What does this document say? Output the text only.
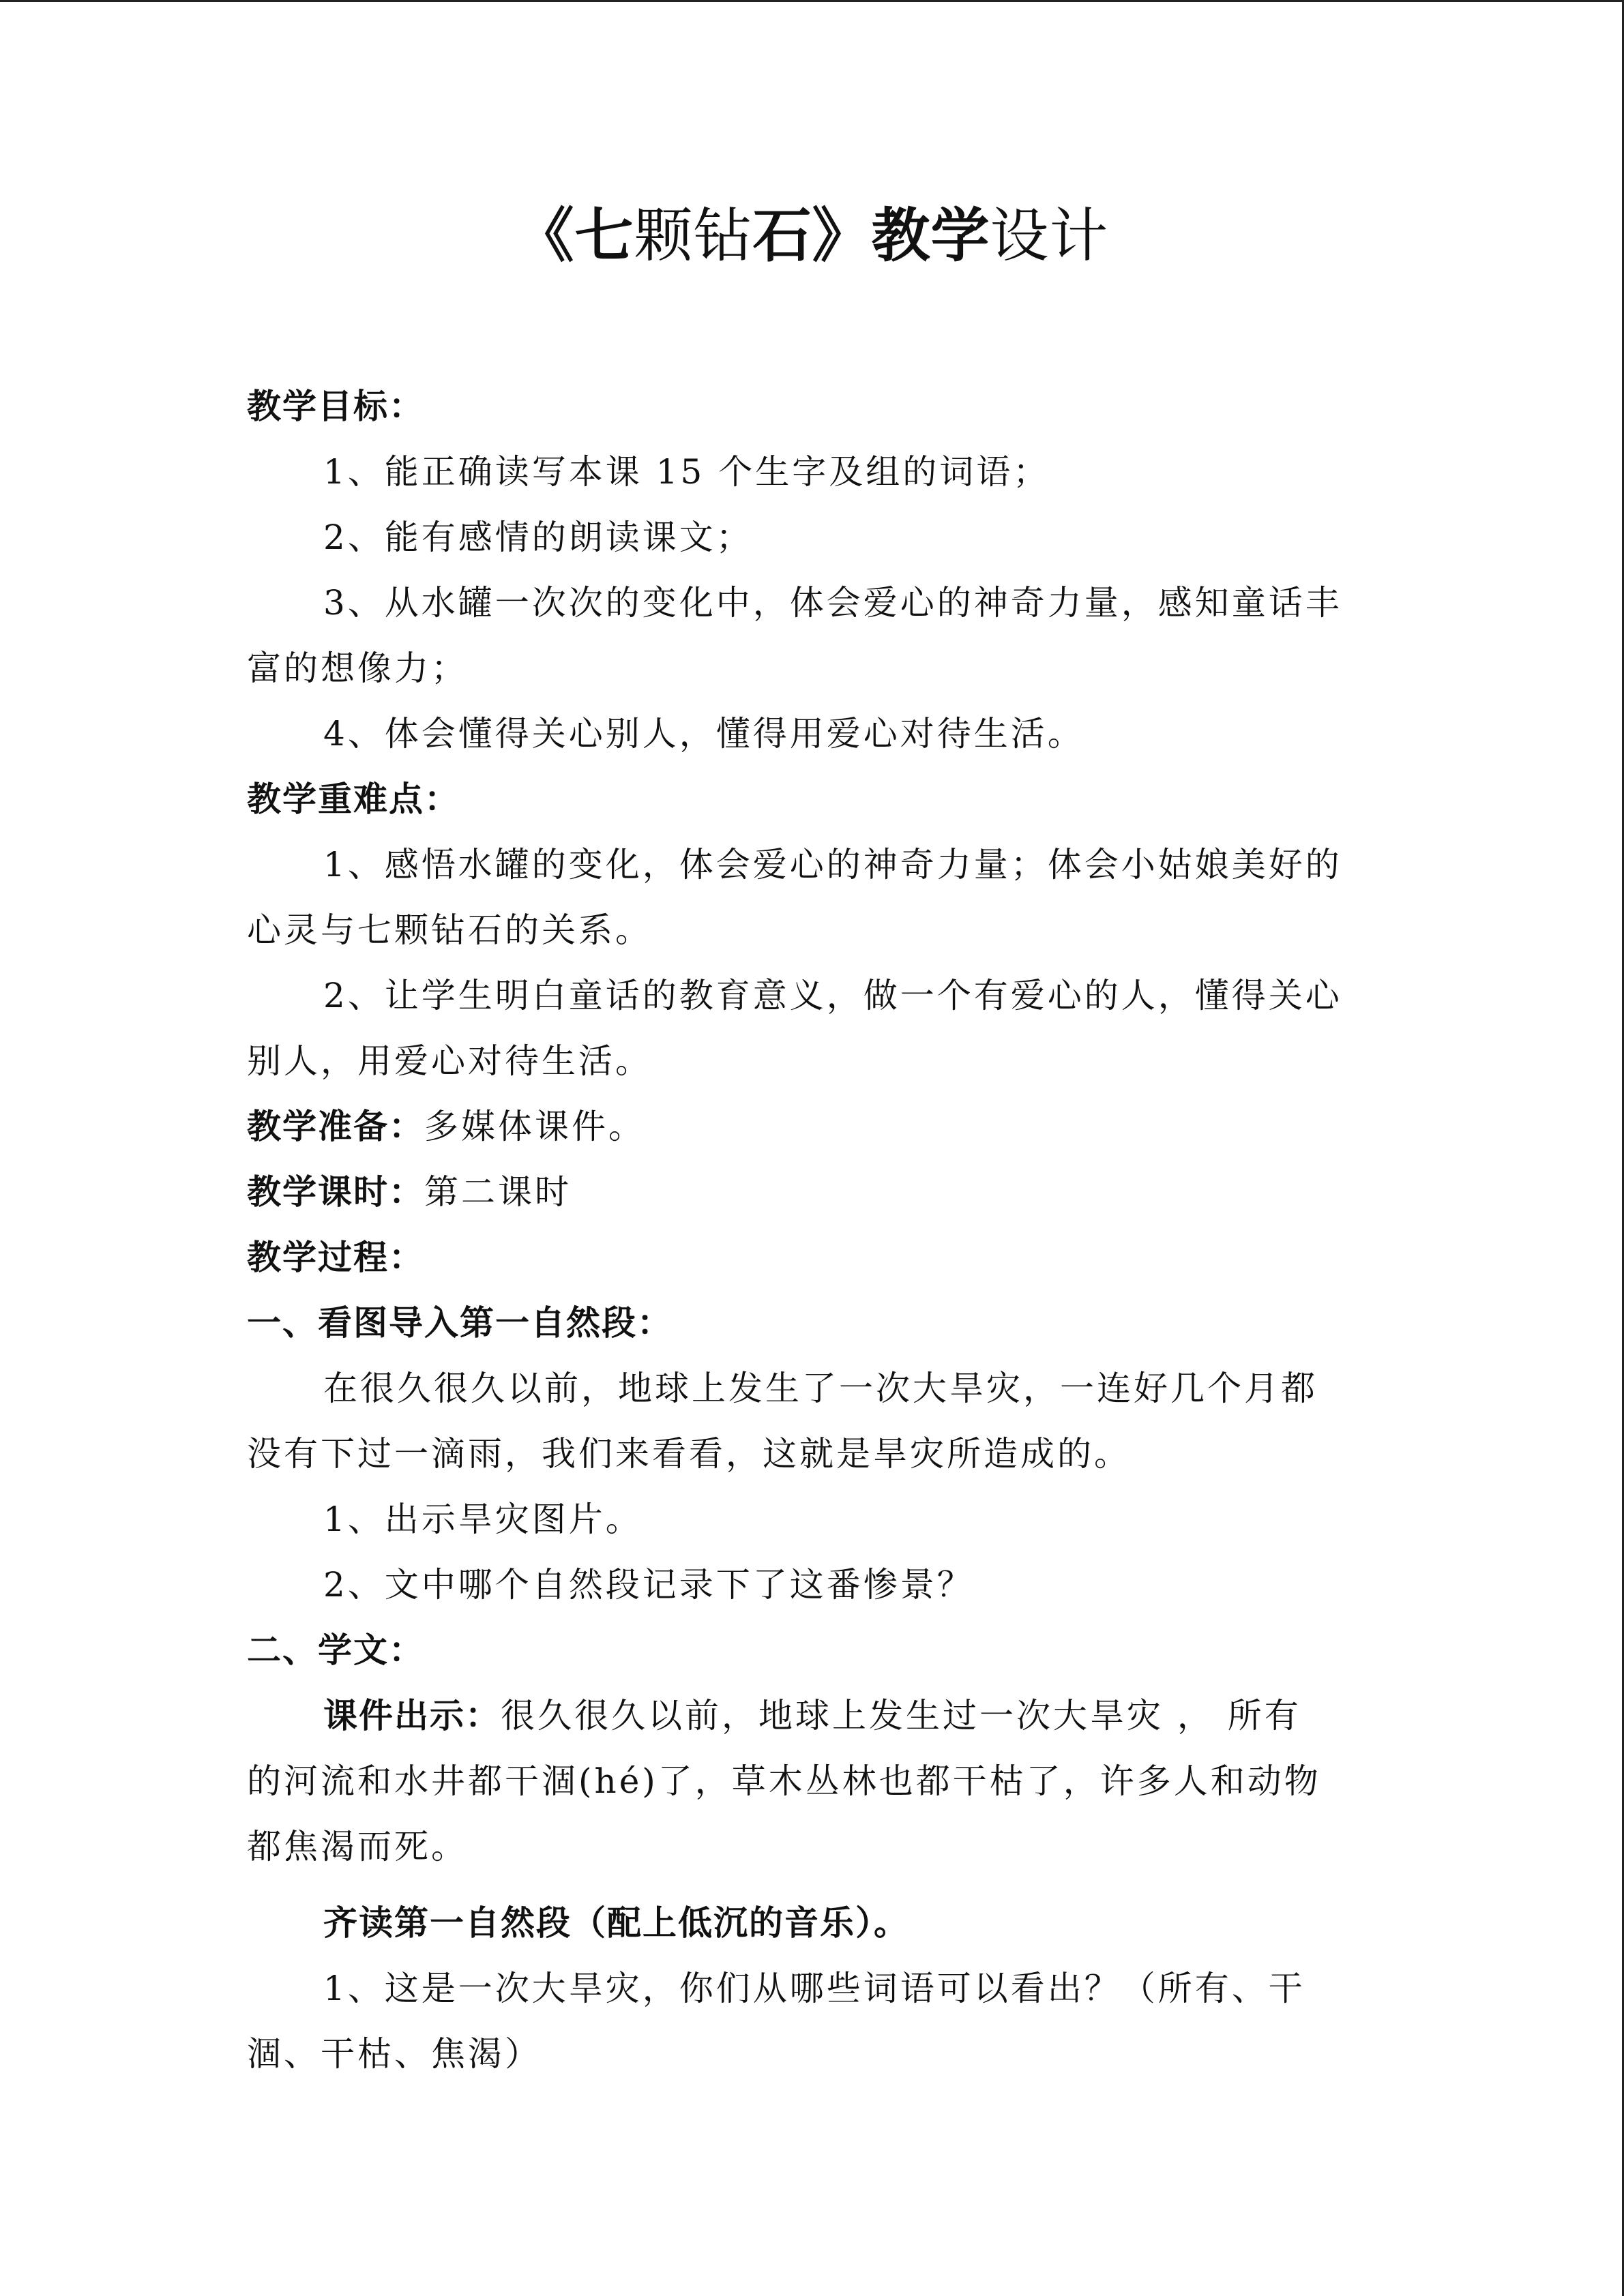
《七颗钻石》教学设计
教学目标：
1、能正确读写本课 15 个生字及组的词语；
2、能有感情的朗读课文；
3、从水罐一次次的变化中，体会爱心的神奇力量，感知童话丰
富的想像力；
4、体会懂得关心别人，懂得用爱心对待生活。
教学重难点：
1、感悟水罐的变化，体会爱心的神奇力量；体会小姑娘美好的
心灵与七颗钻石的关系。
2、让学生明白童话的教育意义，做一个有爱心的人，懂得关心
别人，用爱心对待生活。
教学准备：多媒体课件。
教学课时：第二课时
教学过程：
一、看图导入第一自然段：
在很久很久以前，地球上发生了一次大旱灾，一连好几个月都
没有下过一滴雨，我们来看看，这就是旱灾所造成的。
1、出示旱灾图片。
2、文中哪个自然段记录下了这番惨景？
二、学文：
课件出示：很久很久以前，地球上发生过一次大旱灾 ， 所有
的河流和水井都干涸(hé)了，草木丛林也都干枯了，许多人和动物
都焦渴而死。
齐读第一自然段（配上低沉的音乐）。
1、这是一次大旱灾，你们从哪些词语可以看出？（所有、干
涸、干枯、焦渴）
